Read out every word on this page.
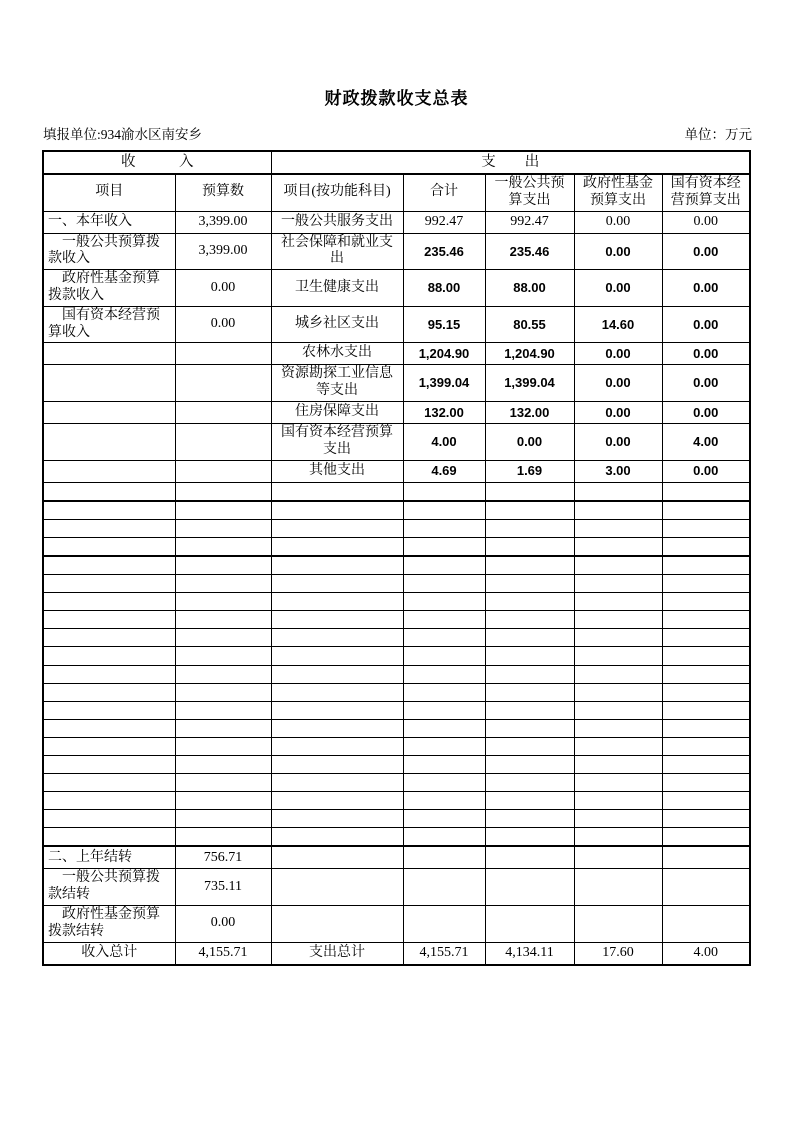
财政拨款收支总表
填报单位:934渝水区南安乡	单位：万元
收　　　入		支　　出				
项目	预算数	项目(按功能科目)	合计	一般公共预算支出	政府性基金预算支出	国有资本经营预算支出
一、本年收入	3,399.00	一般公共服务支出	992.47	992.47	0.00	0.00
一般公共预算拨款收入	3,399.00	社会保障和就业支出	235.46	235.46	0.00	0.00
政府性基金预算拨款收入	0.00	卫生健康支出	88.00	88.00	0.00	0.00
国有资本经营预算收入	0.00	城乡社区支出	95.15	80.55	14.60	0.00
		农林水支出	1,204.90	1,204.90	0.00	0.00
		资源勘探工业信息等支出	1,399.04	1,399.04	0.00	0.00
		住房保障支出	132.00	132.00	0.00	0.00
		国有资本经营预算支出	4.00	0.00	0.00	4.00
		其他支出	4.69	1.69	3.00	0.00

二、上年结转	756.71					
一般公共预算拨款结转	735.11					
政府性基金预算拨款结转	0.00					
收入总计	4,155.71	支出总计	4,155.71	4,134.11	17.60	4.00
